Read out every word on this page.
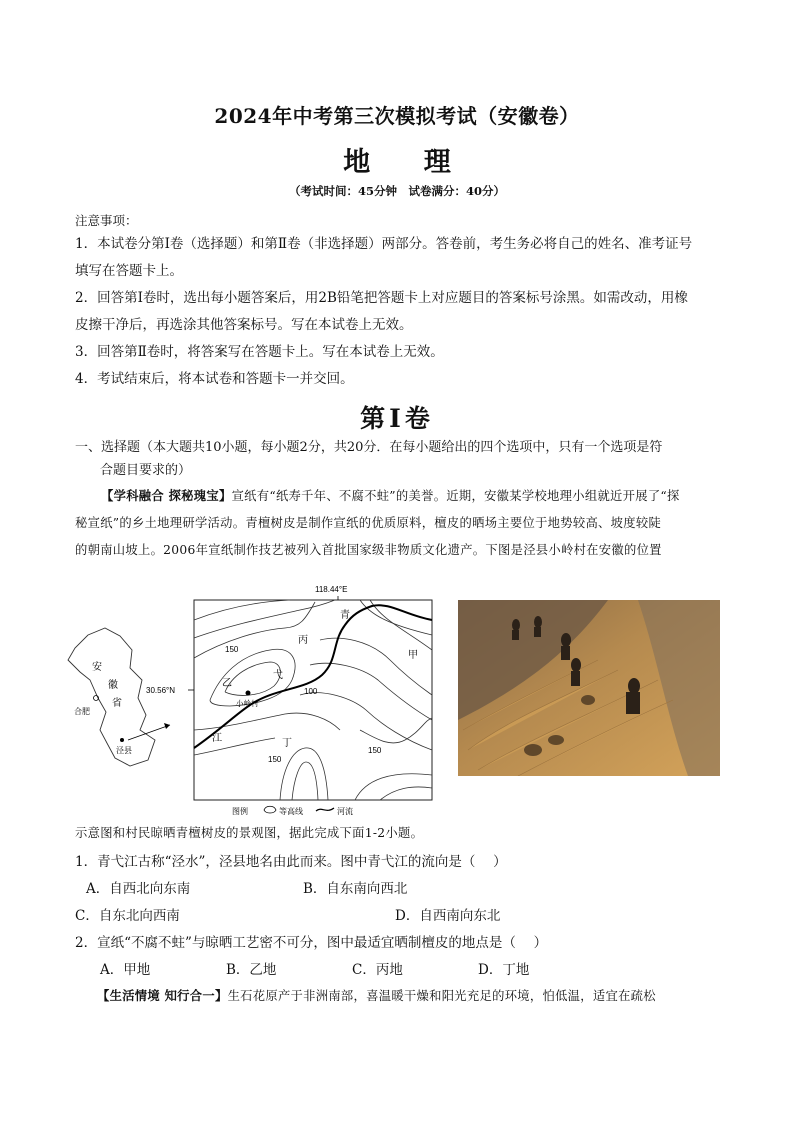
2024年中考第三次模拟考试（安徽卷）
地 理
（考试时间：45分钟　试卷满分：40分）
注意事项：
1．本试卷分第Ⅰ卷（选择题）和第Ⅱ卷（非选择题）两部分。答卷前，考生务必将自己的姓名、准考证号
填写在答题卡上。
2．回答第Ⅰ卷时，选出每小题答案后，用2B铅笔把答题卡上对应题目的答案标号涂黑。如需改动，用橡
皮擦干净后，再选涂其他答案标号。写在本试卷上无效。
3．回答第Ⅱ卷时，将答案写在答题卡上。写在本试卷上无效。
4．考试结束后，将本试卷和答题卡一并交回。
第Ⅰ卷
一、选择题（本大题共10小题，每小题2分，共20分．在每小题给出的四个选项中，只有一个选项是符
合题目要求的）
【学科融合 探秘瑰宝】宣纸有“纸寿千年、不腐不蛀”的美誉。近期，安徽某学校地理小组就近开展了“探
秘宣纸”的乡土地理研学活动。青檀树皮是制作宣纸的优质原料，檀皮的晒场主要位于地势较高、坡度较陡
的朝南山坡上。2006年宣纸制作技艺被列入首批国家级非物质文化遗产。下图是泾县小岭村在安徽的位置
安
徽
省
合肥
泾县
118.44°E
30.56°N
青
丙
甲
乙
弋
江	丁
小岭村
150
100
150
150
图例	等高线	河流
示意图和村民晾晒青檀树皮的景观图，据此完成下面1-2小题。
1．青弋江古称“泾水”，泾县地名由此而来。图中青弋江的流向是（　 ）
A．自西北向东南	B．自东南向西北
C．自东北向西南	D．自西南向东北
2．宣纸“不腐不蛀”与晾晒工艺密不可分，图中最适宜晒制檀皮的地点是（　 ）
A．甲地	B．乙地	C．丙地	D．丁地
【生活情境 知行合一】生石花原产于非洲南部，喜温暖干燥和阳光充足的环境，怕低温，适宜在疏松
